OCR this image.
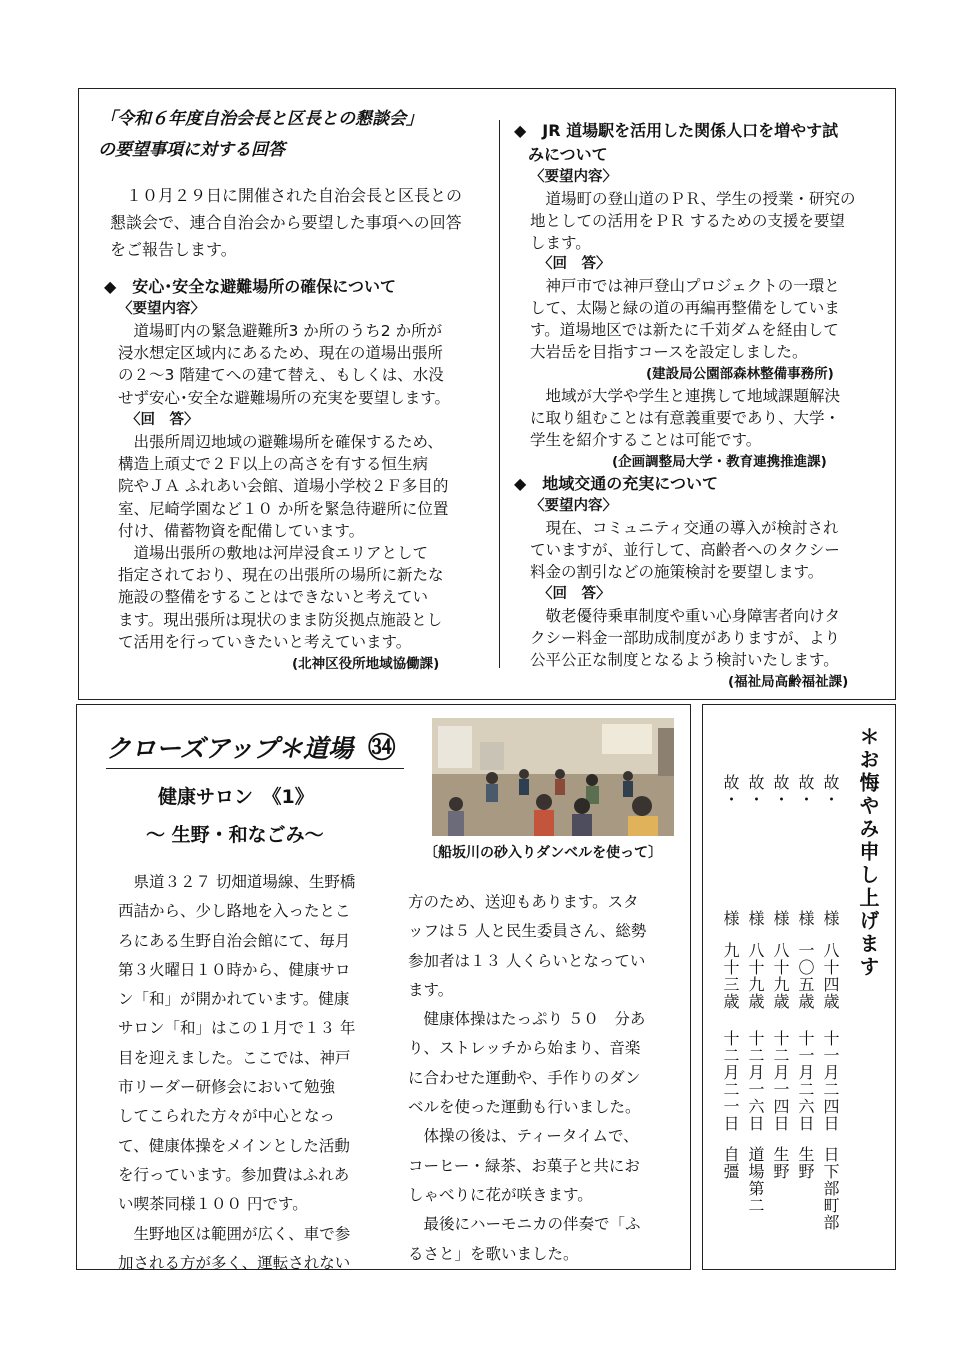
「令和６年度自治会長と区長との懇談会」
の要望事項に対する回答
　１０月２９日に開催された自治会長と区長との
懇談会で、連合自治会から要望した事項への回答
をご報告します。
◆　安心･安全な避難場所の確保について
〈要望内容〉
　道場町内の緊急避難所3 か所のうち2 か所が
浸水想定区域内にあるため、現在の道場出張所
の２～3 階建てへの建て替え、もしくは、水没
せず安心･安全な避難場所の充実を要望します。
〈回　答〉
　出張所周辺地域の避難場所を確保するため、
構造上頑丈で２Ｆ以上の高さを有する恒生病
院やＪＡ ふれあい会館、道場小学校２Ｆ多目的
室、尼崎学園など１０ か所を緊急待避所に位置
付け、備蓄物資を配備しています。
　道場出張所の敷地は河岸浸食エリアとして
指定されており、現在の出張所の場所に新たな
施設の整備をすることはできないと考えてい
ます。現出張所は現状のまま防災拠点施設とし
て活用を行っていきたいと考えています。
(北神区役所地域協働課)
◆　JR 道場駅を活用した関係人口を増やす試
みについて
〈要望内容〉
　道場町の登山道のＰＲ、学生の授業・研究の
地としての活用をＰＲ するための支援を要望
します。
〈回　答〉
　神戸市では神戸登山プロジェクトの一環と
して、太陽と緑の道の再編再整備をしていま
す。道場地区では新たに千苅ダムを経由して
大岩岳を目指すコースを設定しました。
(建設局公園部森林整備事務所)
　地域が大学や学生と連携して地域課題解決
に取り組むことは有意義重要であり、大学・
学生を紹介することは可能です。
(企画調整局大学・教育連携推進課)
◆　地域交通の充実について
〈要望内容〉
　現在、コミュニティ交通の導入が検討され
ていますが、並行して、高齢者へのタクシー
料金の割引などの施策検討を要望します。
〈回　答〉
　敬老優待乗車制度や重い心身障害者向けタ
クシー料金一部助成制度がありますが、より
公平公正な制度となるよう検討いたします。
(福祉局高齢福祉課)
クローズアップ＊道場 ㉞
健康サロン　《1》
～ 生野・和なごみ～
〔船坂川の砂入りダンベルを使って〕
　県道３２７ 切畑道場線、生野橋
西詰から、少し路地を入ったとこ
ろにある生野自治会館にて、毎月
第３火曜日１０時から、健康サロ
ン「和」が開かれています。健康
サロン「和」はこの１月で１３ 年
目を迎えました。ここでは、神戸
市リーダー研修会において勉強
してこられた方々が中心となっ
て、健康体操をメインとした活動
を行っています。参加費はふれあ
い喫茶同様１００ 円です。
　生野地区は範囲が広く、車で参
加される方が多く、運転されない
方のため、送迎もあります。スタ
ッフは５ 人と民生委員さん、総勢
参加者は１３ 人くらいとなってい
ます。
　健康体操はたっぷり ５０　分あ
り、ストレッチから始まり、音楽
に合わせた運動や、手作りのダン
ベルを使った運動も行いました。
　体操の後は、ティータイムで、
コーヒー・緑茶、お菓子と共にお
しゃべりに花が咲きます。
　最後にハーモニカの伴奏で「ふ
るさと」を歌いました。
＊お悔やみ申し上げます
故・
様
八十四歳
十一月二四日
日下部町部
故・
様
一〇五歳
十一月二六日
生野
故・
様
八十九歳
十二月一四日
生野
故・
様
八十九歳
十二月一六日
道場第二
故・
様
九十三歳
十二月二一日
自彊
